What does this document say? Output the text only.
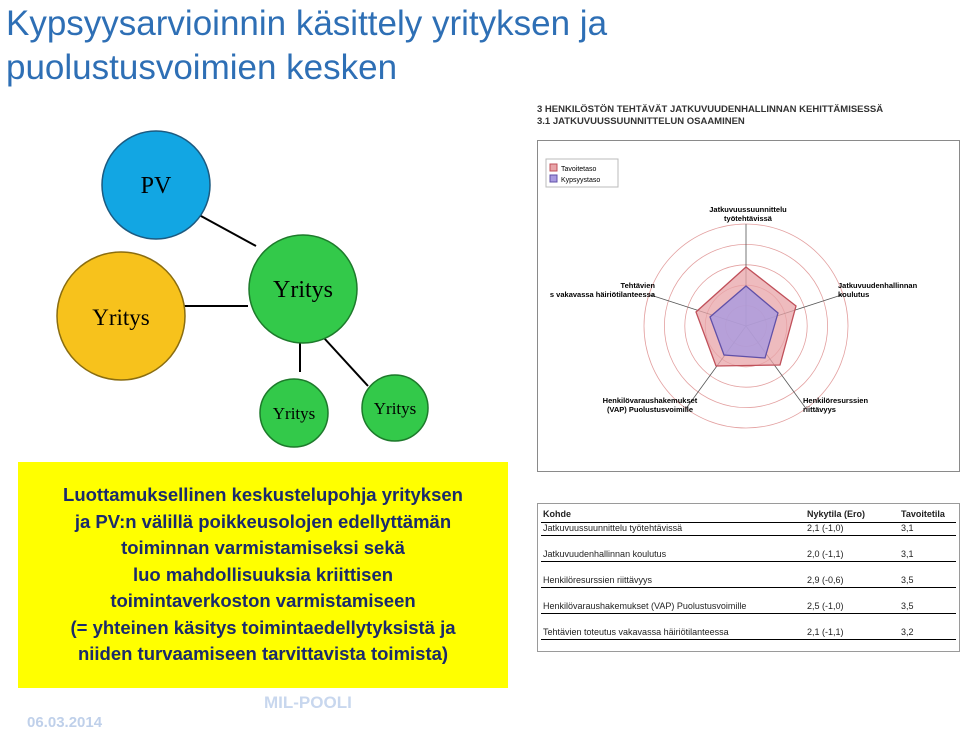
Kypsyysarvioinnin käsittely yrityksen ja
puolustusvoimien kesken
PV
Yritys
Yritys
Yritys	Yritys

Luottamuksellinen keskustelupohja yrityksen
ja PV:n välillä poikkeusolojen edellyttämän
toiminnan varmistamiseksi sekä
luo mahdollisuuksia kriittisen
toimintaverkoston varmistamiseen
(= yhteinen käsitys toimintaedellytyksistä ja
niiden turvaamiseen tarvittavista toimista)

3 HENKILÖSTÖN TEHTÄVÄT JATKUVUUDENHALLINNAN KEHITTÄMISESSÄ
3.1 JATKUVUUSSUUNNITTELUN OSAAMINEN

Tavoitetaso
Kypsyystaso
Jatkuvuussuunnittelu työtehtävissä
Jatkuvuudenhallinnan koulutus
Henkilöresurssien riittävyys
Henkilövaraushakemukset (VAP) Puolustusvoimille
Tehtävien s vakavassa häiriötilanteessa
Kohde	Nykytila (Ero)	Tavoitetila
Jatkuvuussuunnittelu työtehtävissä	2,1 (-1,0)	3,1
Jatkuvuudenhallinnan koulutus	2,0 (-1,1)	3,1
Henkilöresurssien riittävyys	2,9 (-0,6)	3,5
Henkilövaraushakemukset (VAP) Puolustusvoimille	2,5 (-1,0)	3,5
Tehtävien toteutus vakavassa häiriötilanteessa	2,1 (-1,1)	3,2
MIL-POOLI
06.03.2014
